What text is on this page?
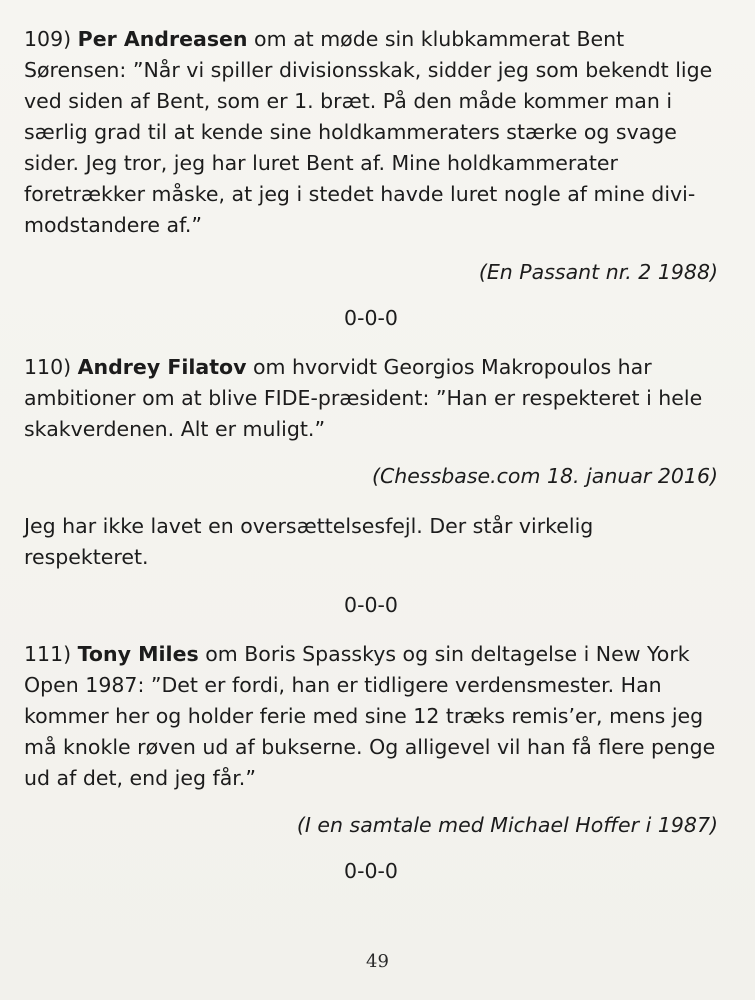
109) Per Andreasen om at møde sin klubkammerat Bent Sørensen: ”Når vi spiller divisionsskak, sidder jeg som bekendt lige ved siden af Bent, som er 1. bræt. På den måde kommer man i særlig grad til at kende sine holdkammeraters stærke og svage sider. Jeg tror, jeg har luret Bent af. Mine holdkammerater foretrækker måske, at jeg i stedet havde luret nogle af mine divi-modstandere af.”

(En Passant nr. 2 1988)

0-0-0

110) Andrey Filatov om hvorvidt Georgios Makropoulos har ambitioner om at blive FIDE-præsident: ”Han er respekteret i hele skakverdenen. Alt er muligt.”

(Chessbase.com 18. januar 2016)

Jeg har ikke lavet en oversættelsesfejl. Der står virkelig respekteret.

0-0-0

111) Tony Miles om Boris Spasskys og sin deltagelse i New York Open 1987: ”Det er fordi, han er tidligere verdensmester. Han kommer her og holder ferie med sine 12 træks remis’er, mens jeg må knokle røven ud af bukserne. Og alligevel vil han få flere penge ud af det, end jeg får.”

(I en samtale med Michael Hoffer i 1987)

0-0-0

49
